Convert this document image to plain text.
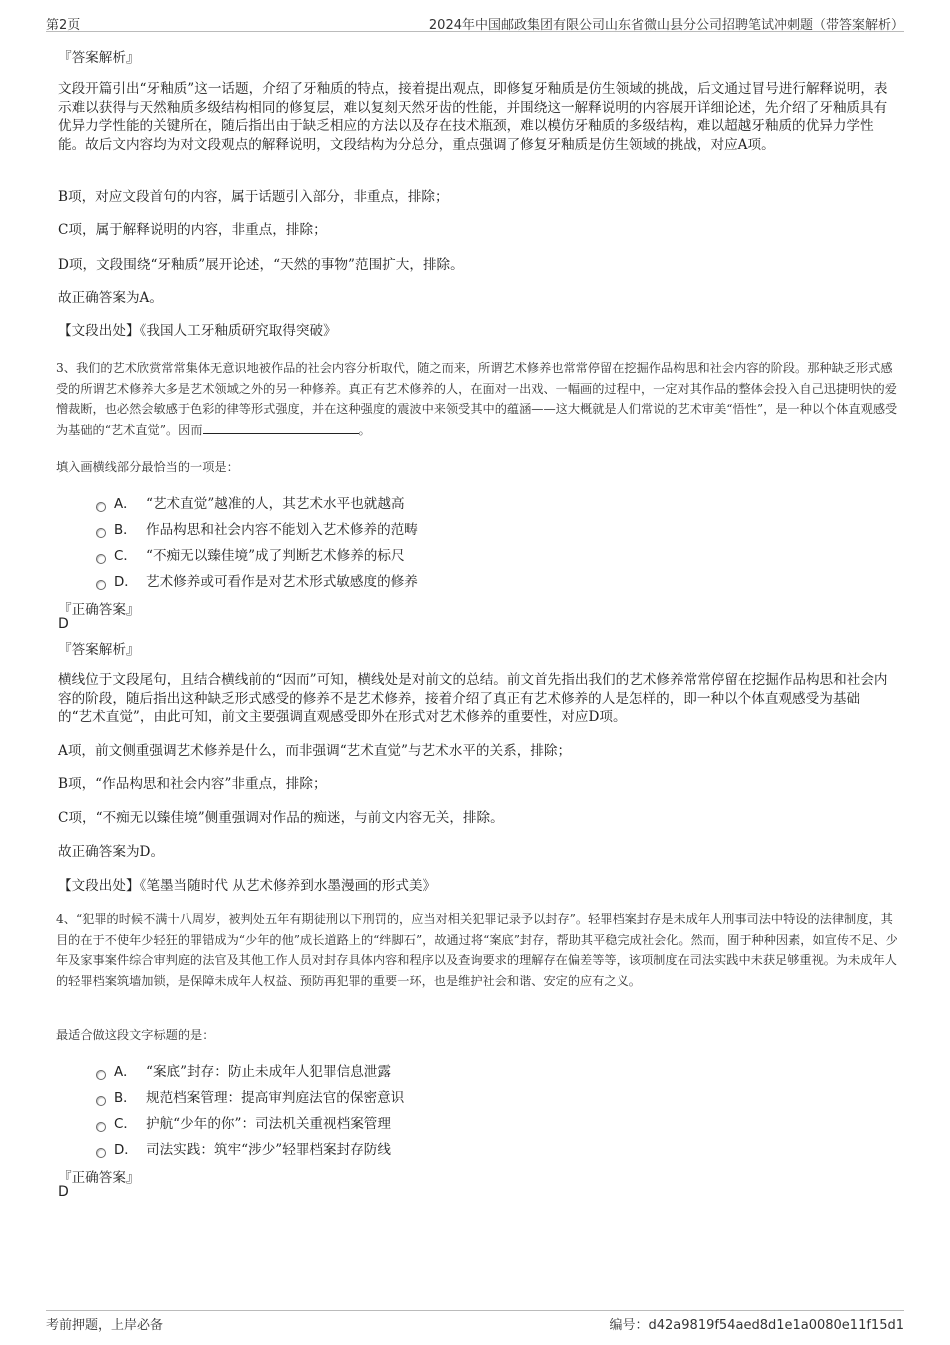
第2页	2024年中国邮政集团有限公司山东省微山县分公司招聘笔试冲刺题（带答案解析）
『答案解析』
文段开篇引出“牙釉质”这一话题，介绍了牙釉质的特点，接着提出观点，即修复牙釉质是仿生领域的挑战，后文通过冒号进行解释说明，表示难以获得与天然釉质多级结构相同的修复层，难以复刻天然牙齿的性能，并围绕这一解释说明的内容展开详细论述，先介绍了牙釉质具有优异力学性能的关键所在，随后指出由于缺乏相应的方法以及存在技术瓶颈，难以模仿牙釉质的多级结构，难以超越牙釉质的优异力学性能。故后文内容均为对文段观点的解释说明，文段结构为分总分，重点强调了修复牙釉质是仿生领域的挑战，对应A项。
B项，对应文段首句的内容，属于话题引入部分，非重点，排除；
C项，属于解释说明的内容，非重点，排除；
D项，文段围绕“牙釉质”展开论述，“天然的事物”范围扩大，排除。
故正确答案为A。
【文段出处】《我国人工牙釉质研究取得突破》
3、我们的艺术欣赏常常集体无意识地被作品的社会内容分析取代，随之而来，所谓艺术修养也常常停留在挖掘作品构思和社会内容的阶段。那种缺乏形式感受的所谓艺术修养大多是艺术领域之外的另一种修养。真正有艺术修养的人，在面对一出戏、一幅画的过程中，一定对其作品的整体会投入自己迅捷明快的爱憎裁断，也必然会敏感于色彩的律等形式强度，并在这种强度的震波中来领受其中的蕴涵——这大概就是人们常说的艺术审美“悟性”，是一种以个体直观感受为基础的“艺术直觉”。因而	。
填入画横线部分最恰当的一项是：
A． “艺术直觉”越准的人，其艺术水平也就越高
B． 作品构思和社会内容不能划入艺术修养的范畴
C． “不痴无以臻佳境”成了判断艺术修养的标尺
D． 艺术修养或可看作是对艺术形式敏感度的修养
『正确答案』
D
『答案解析』
横线位于文段尾句，且结合横线前的“因而”可知，横线处是对前文的总结。前文首先指出我们的艺术修养常常停留在挖掘作品构思和社会内容的阶段，随后指出这种缺乏形式感受的修养不是艺术修养，接着介绍了真正有艺术修养的人是怎样的，即一种以个体直观感受为基础的“艺术直觉”，由此可知，前文主要强调直观感受即外在形式对艺术修养的重要性，对应D项。
A项，前文侧重强调艺术修养是什么，而非强调“艺术直觉”与艺术水平的关系，排除；
B项，“作品构思和社会内容”非重点，排除；
C项，“不痴无以臻佳境”侧重强调对作品的痴迷，与前文内容无关，排除。
故正确答案为D。
【文段出处】《笔墨当随时代 从艺术修养到水墨漫画的形式美》
4、“犯罪的时候不满十八周岁，被判处五年有期徒刑以下刑罚的，应当对相关犯罪记录予以封存”。轻罪档案封存是未成年人刑事司法中特设的法律制度，其目的在于不使年少轻狂的罪错成为“少年的他”成长道路上的“绊脚石”，故通过将“案底”封存，帮助其平稳完成社会化。然而，囿于种种因素，如宣传不足、少年及家事案件综合审判庭的法官及其他工作人员对封存具体内容和程序以及查询要求的理解存在偏差等等，该项制度在司法实践中未获足够重视。为未成年人的轻罪档案筑墙加锁，是保障未成年人权益、预防再犯罪的重要一环，也是维护社会和谐、安定的应有之义。
最适合做这段文字标题的是：
A． “案底”封存：防止未成年人犯罪信息泄露
B． 规范档案管理：提高审判庭法官的保密意识
C． 护航“少年的你”：司法机关重视档案管理
D． 司法实践：筑牢“涉少”轻罪档案封存防线
『正确答案』
D
考前押题，上岸必备	编号：d42a9819f54aed8d1e1a0080e11f15d1
